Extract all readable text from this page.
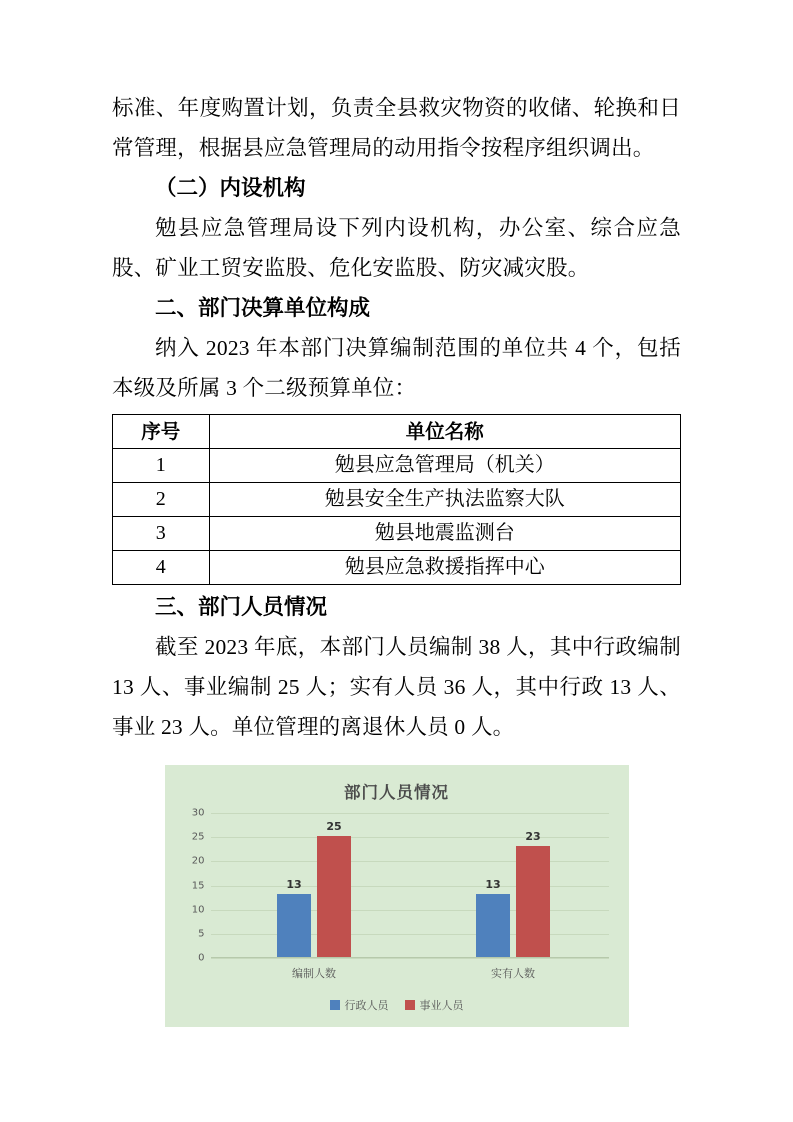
标准、年度购置计划，负责全县救灾物资的收储、轮换和日常管理，根据县应急管理局的动用指令按程序组织调出。

（二）内设机构

勉县应急管理局设下列内设机构，办公室、综合应急股、矿业工贸安监股、危化安监股、防灾减灾股。

二、部门决算单位构成

纳入 2023 年本部门决算编制范围的单位共 4 个，包括本级及所属 3 个二级预算单位：

序号	单位名称
1	勉县应急管理局（机关）
2	勉县安全生产执法监察大队
3	勉县地震监测台
4	勉县应急救援指挥中心

三、部门人员情况

截至 2023 年底，本部门人员编制 38 人，其中行政编制 13 人、事业编制 25 人；实有人员 36 人，其中行政 13 人、事业 23 人。单位管理的离退休人员 0 人。

部门人员情况
0
5
10
15
20
25
30
13
25
编制人数
13
23
实有人数
行政人员	事业人员
